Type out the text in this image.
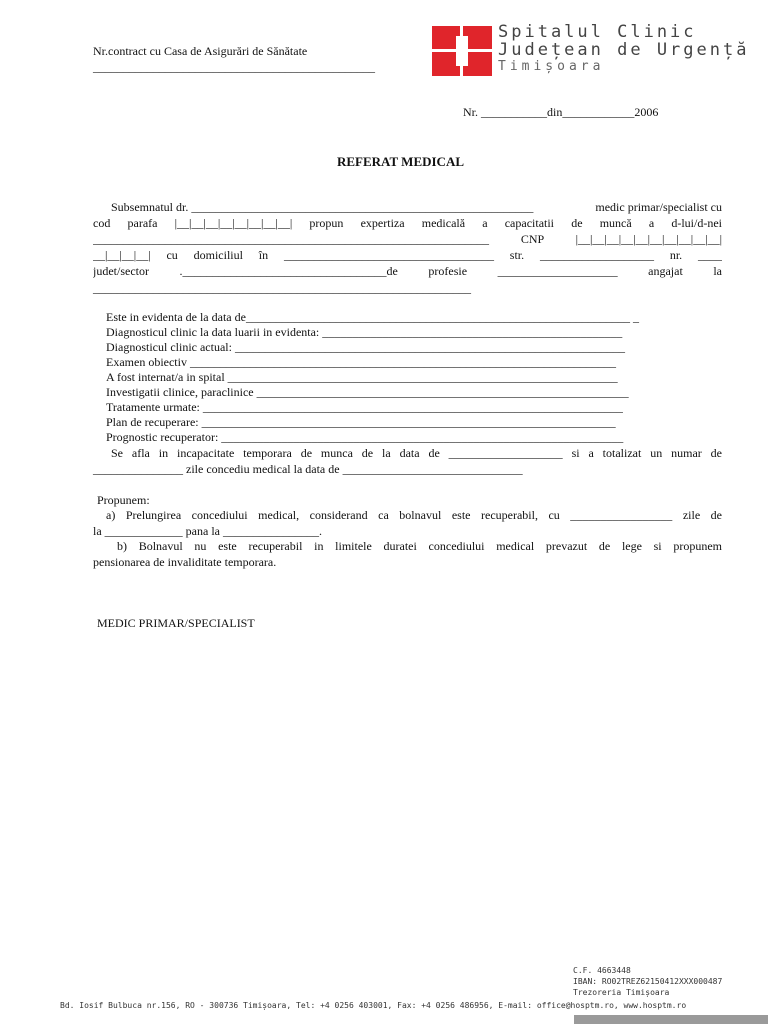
Nr.contract cu Casa de Asigurări de Sănătate
_______________________________________________
Spitalul Clinic
Județean de Urgență
Timișoara
Nr. ___________din____________2006
REFERAT MEDICAL
Subsemnatul dr. _________________________________________________________	medic primar/specialist cu
cod parafa |__|__|__|__|__|__|__|__| propun expertiza medicală a capacitatii de muncă a d-lui/d-nei
__________________________________________________________________ CNP |__|__|__|__|__|__|__|__|__|__|
__|__|__|__| cu domiciliul în ___________________________________ str. ___________________ nr. ____
judet/sector .__________________________________de profesie ____________________ angajat la
_______________________________________________________________
Este in evidenta de la data de________________________________________________________________ _
Diagnosticul clinic la data luarii in evidenta: __________________________________________________
Diagnosticul clinic actual: _________________________________________________________________
Examen obiectiv _______________________________________________________________________
A fost internat/a in spital _________________________________________________________________
Investigatii clinice, paraclinice ______________________________________________________________
Tratamente urmate: ______________________________________________________________________
Plan de recuperare: _____________________________________________________________________
Prognostic recuperator: ___________________________________________________________________
Se afla in incapacitate temporara de munca de la data de ___________________ si a totalizat un numar de
_______________ zile concediu medical la data de ______________________________
Propunem:
a) Prelungirea concediului medical, considerand ca bolnavul este recuperabil, cu _________________ zile de
la _____________ pana la ________________.
b) Bolnavul nu este recuperabil in limitele duratei concediului medical prevazut de lege si propunem
pensionarea de invaliditate temporara.
MEDIC PRIMAR/SPECIALIST
C.F. 4663448
IBAN: RO02TREZ62150412XXX000487
Trezoreria Timișoara
Bd. Iosif Bulbuca nr.156, RO - 300736 Timișoara, Tel: +4 0256 403001, Fax: +4 0256 486956, E-mail: office@hosptm.ro, www.hosptm.ro
